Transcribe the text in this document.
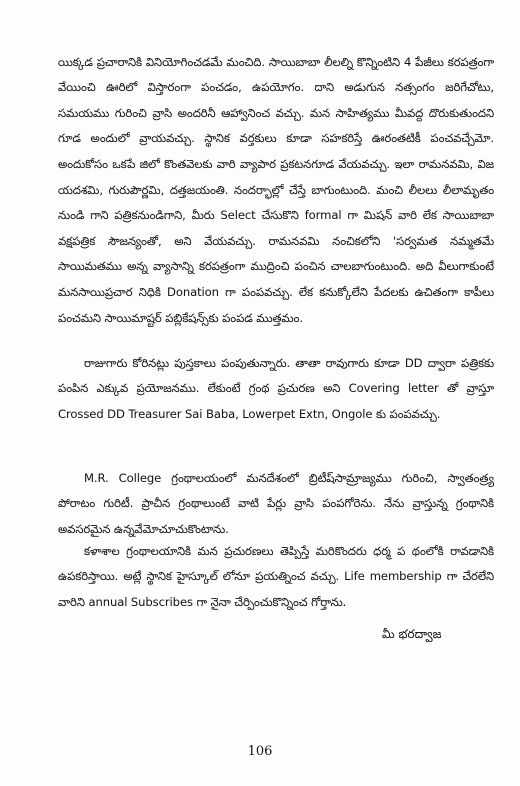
యిక్కడ ప్రచారానికి వినియోగించడమే మంచిది. సాయిబాబా లీలల్ని కొన్నింటిని 4 పేజీలు కరపత్రంగా వేయించి ఊరిలో విస్తారంగా పంచడం, ఉపయోగం. దాని అడుగున నత్సంగం జరిగేచోటు, సమయము గురించి వ్రాసి అందరినీ ఆహ్వానించ వచ్చు. మన సాహిత్యము మీవద్ద దొరుకుతుందని గూడ అందులో వ్రాయవచ్చు. స్థానిక వర్తకులు కూడా సహకరిస్తే ఊరంతటికీ పంచవచ్చేమో. అందుకోసం ఒకపే జిలో కొంతవెలకు వారి వ్యాపార ప్రకటనగూడ వేయవచ్చు. ఇలా రామనవమి, విజ యదశమి, గురుపౌర్ణమి, దత్తజయంతి. నందర్భాల్లో చేస్తే బాగుంటుంది. మంచి లీలలు లీలామృతం నుండి గాని పత్రికనుండిగాని, మీరు Select చేసుకొని formal గా మిషన్ వారి లేక సాయిబాబా వక్షపత్రిక సౌజన్యంతో, అని వేయవచ్చు. రామనవమి నంచికలోని 'సర్వమత నమ్మతమే సాయిమతము అన్న వ్యాసాన్ని కరపత్రంగా ముద్రించి పంచిన చాలబాగుంటుంది. అది వీలుగాకుంటే మనసాయిప్రచార నిధికి Donation గా పంపవచ్చు. లేక కనుక్కోలేని పేదలకు ఉచితంగా కాపీలు పంచమని సాయిమాష్టర్ పబ్లికేషన్స్‌కు పంపడ ముత్తమం.

రాజుగారు కోరినట్లు పుస్తకాలు పంపుతున్నారు. తాతా రావుగారు కూడా DD ద్వారా పత్రికకు పంపిన ఎక్కువ ప్రయోజనము. లేకుంటే గ్రంథ ప్రచురణ అని Covering letter తో వ్రాస్తూ Crossed DD Treasurer Sai Baba, Lowerpet Extn, Ongole కు పంపవచ్చు.

M.R. College గ్రంథాలయంలో మనదేశంలో బ్రిటీష్‌సామ్రాజ్యము గురించి, స్వాతంత్ర్య పోరాటం గురిటీ. ప్రాచీన గ్రంథాలుంటే వాటి పేర్లు వ్రాసి పంపగోరెను. నేను వ్రాస్తున్న గ్రంథానికి అవసరమైన ఉన్నవేమోచూచుకొంటాను.

కళాశాల గ్రంథాలయానికి మన ప్రచురణలు తెప్పిస్తే మరికొందరు ధర్మ ప థంలోకి రావడానికి ఉపకరిస్తాయి. అట్లే స్థానిక హైస్కూల్ లోనూ ప్రయత్నించ వచ్చు. Life membership గా చేరలేని వారిని annual Subscribes గా నైనా చేర్పించుకొన్నించ గోర్తాను.

మీ భరద్వాజ
106
